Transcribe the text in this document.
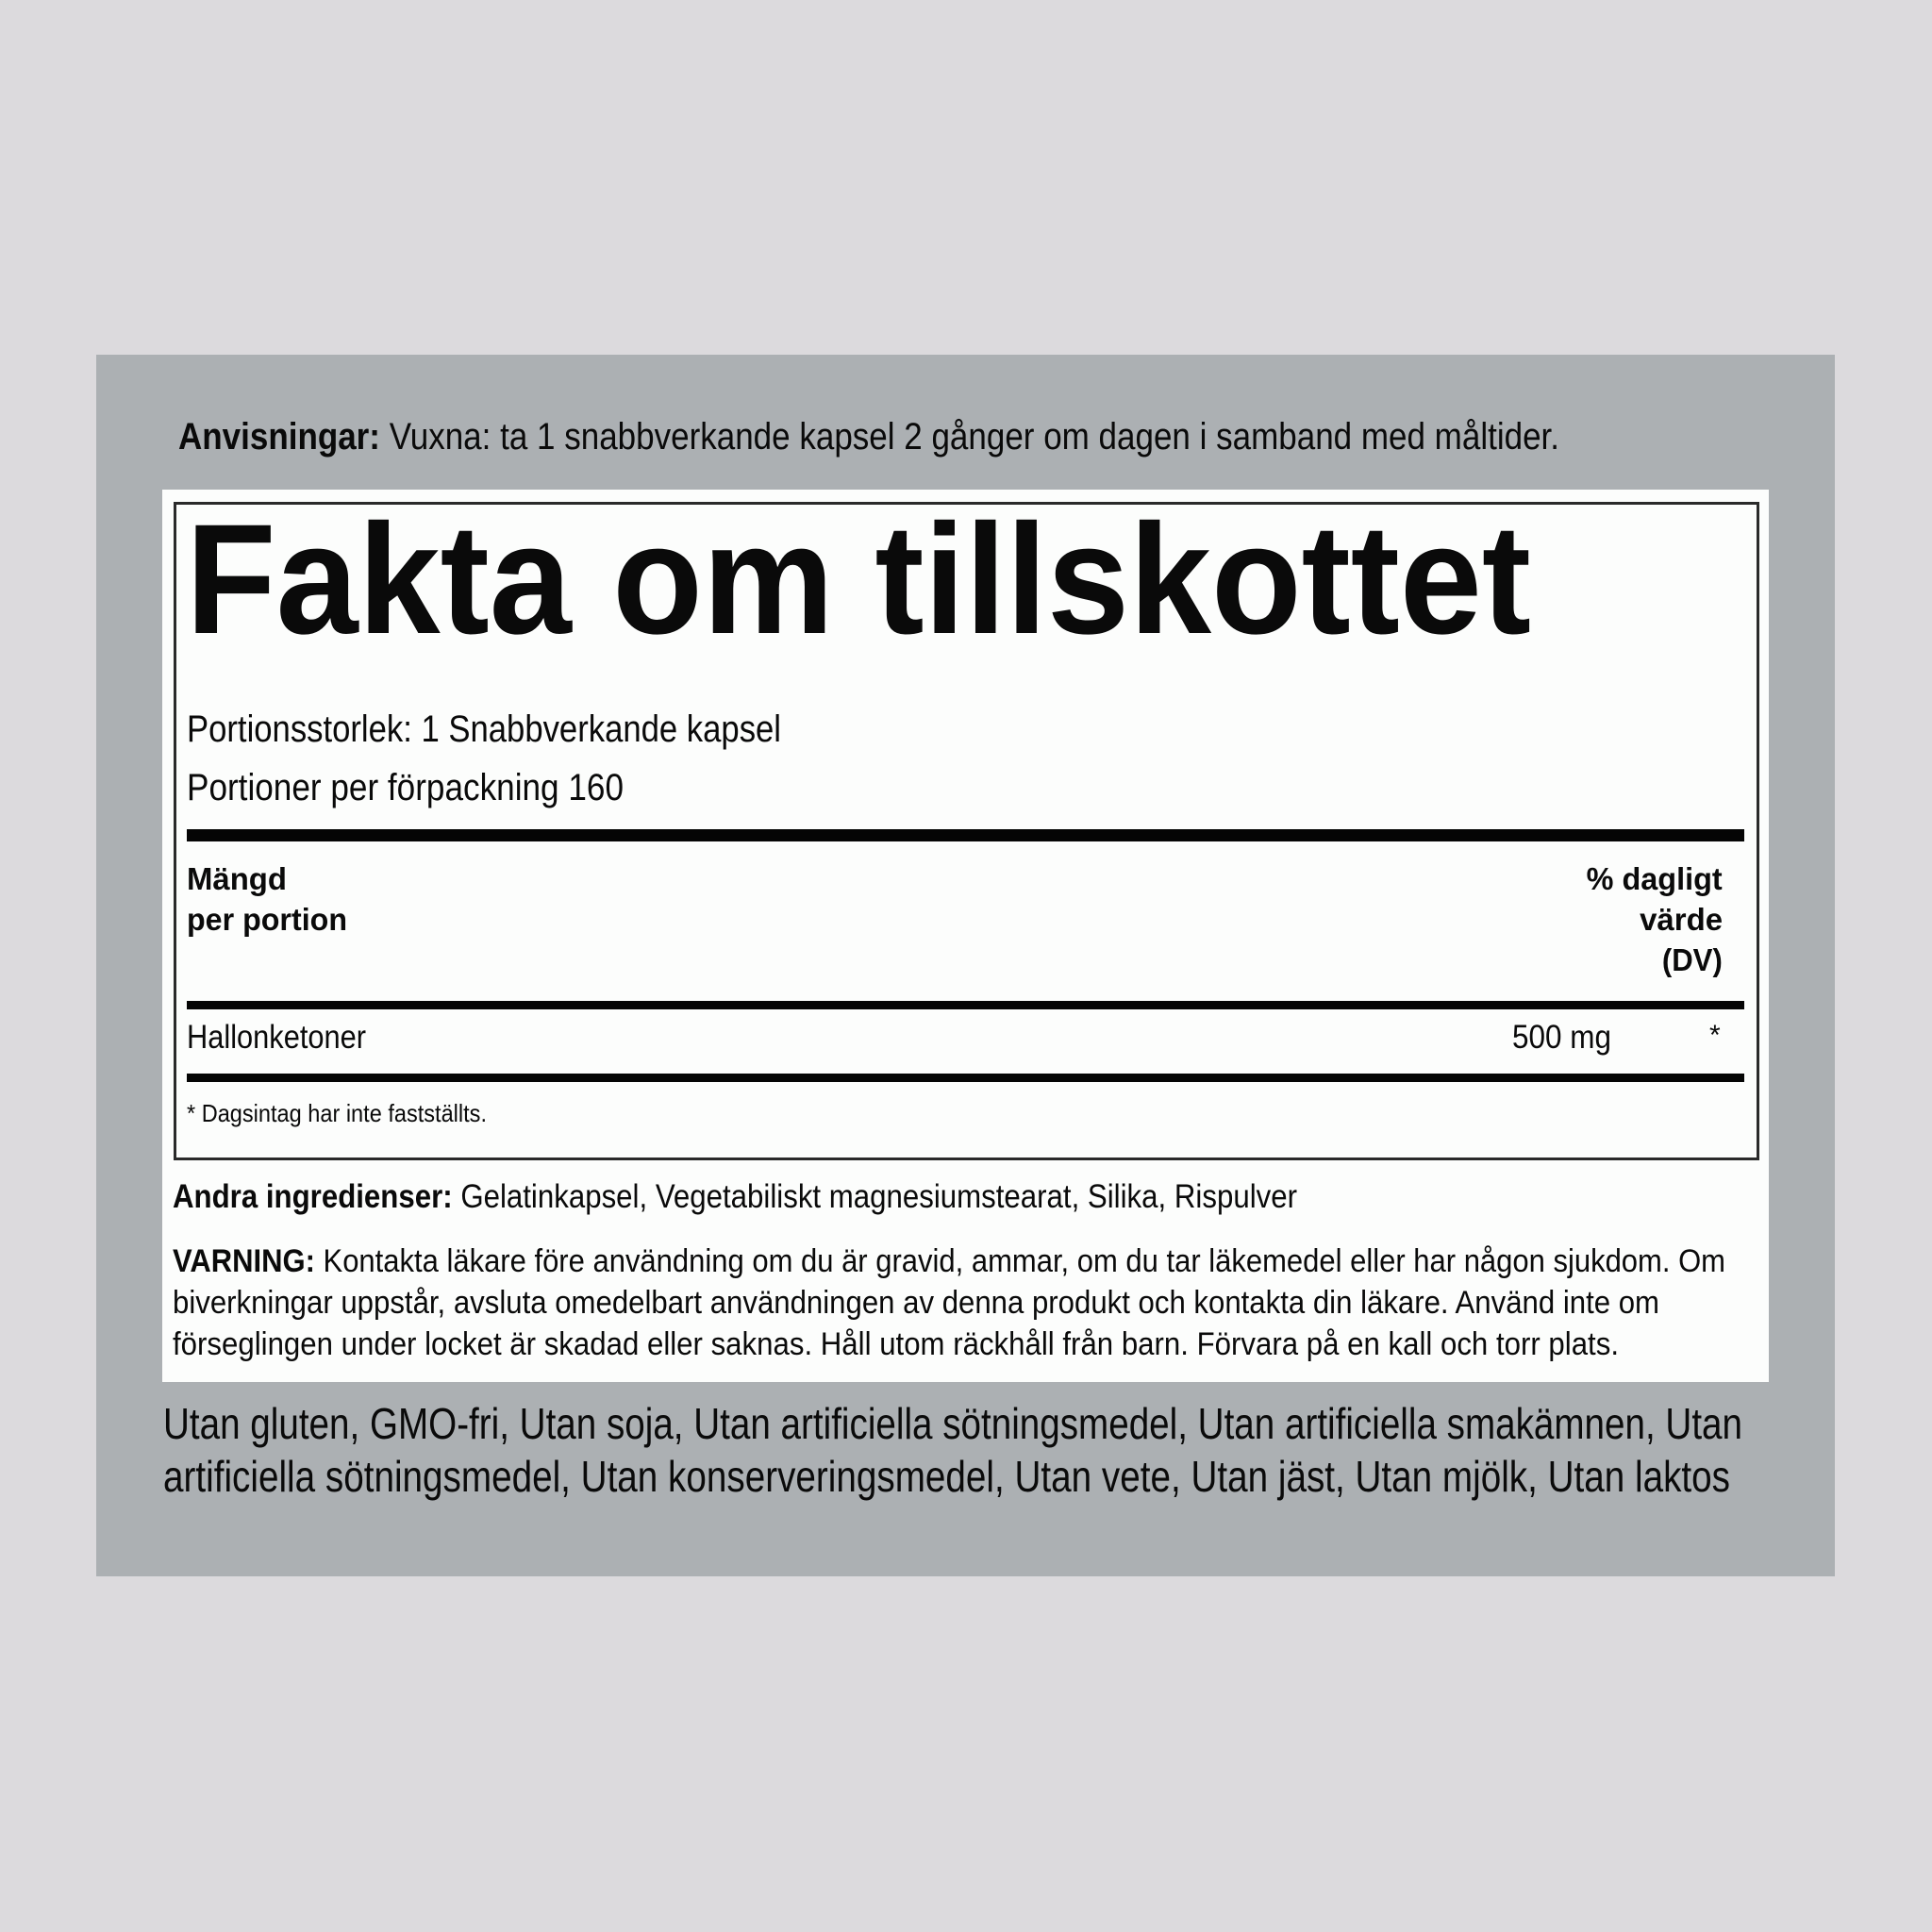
Anvisningar: Vuxna: ta 1 snabbverkande kapsel 2 gånger om dagen i samband med måltider.
Fakta om tillskottet
Portionsstorlek: 1 Snabbverkande kapsel
Portioner per förpackning 160
Mängd
per portion
% dagligt
värde
(DV)
Hallonketoner	500 mg	*
* Dagsintag har inte fastställts.
Andra ingredienser: Gelatinkapsel, Vegetabiliskt magnesiumstearat, Silika, Rispulver
VARNING: Kontakta läkare före användning om du är gravid, ammar, om du tar läkemedel eller har någon sjukdom. Om
biverkningar uppstår, avsluta omedelbart användningen av denna produkt och kontakta din läkare. Använd inte om
förseglingen under locket är skadad eller saknas. Håll utom räckhåll från barn. Förvara på en kall och torr plats.
Utan gluten, GMO-fri, Utan soja, Utan artificiella sötningsmedel, Utan artificiella smakämnen, Utan
artificiella sötningsmedel, Utan konserveringsmedel, Utan vete, Utan jäst, Utan mjölk, Utan laktos
